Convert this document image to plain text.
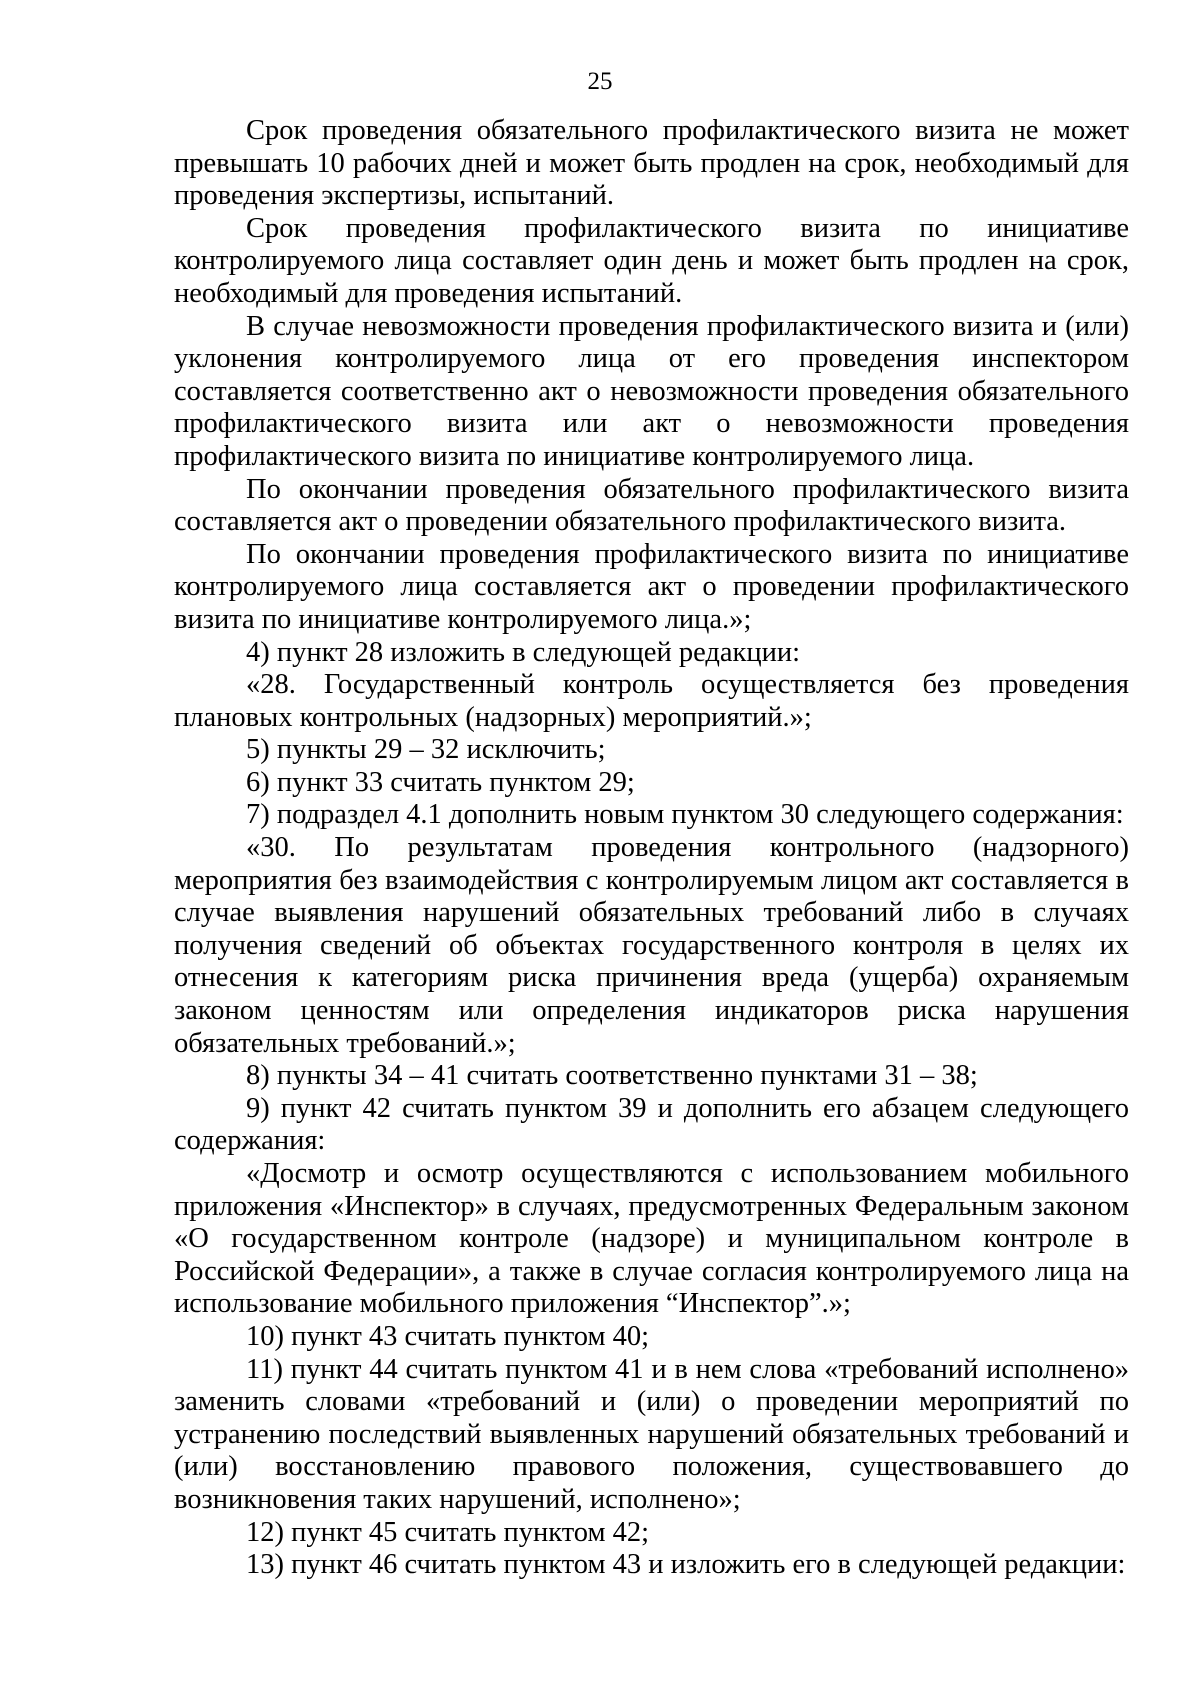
25

Срок проведения обязательного профилактического визита не может превышать 10 рабочих дней и может быть продлен на срок, необходимый для проведения экспертизы, испытаний.

Срок проведения профилактического визита по инициативе контролируемого лица составляет один день и может быть продлен на срок, необходимый для проведения испытаний.

В случае невозможности проведения профилактического визита и (или) уклонения контролируемого лица от его проведения инспектором составляется соответственно акт о невозможности проведения обязательного профилактического визита или акт о невозможности проведения профилактического визита по инициативе контролируемого лица.

По окончании проведения обязательного профилактического визита составляется акт о проведении обязательного профилактического визита.

По окончании проведения профилактического визита по инициативе контролируемого лица составляется акт о проведении профилактического визита по инициативе контролируемого лица.»;

4) пункт 28 изложить в следующей редакции:

«28. Государственный контроль осуществляется без проведения плановых контрольных (надзорных) мероприятий.»;

5) пункты 29 – 32 исключить;

6) пункт 33 считать пунктом 29;

7) подраздел 4.1 дополнить новым пунктом 30 следующего содержания:

«30. По результатам проведения контрольного (надзорного) мероприятия без взаимодействия с контролируемым лицом акт составляется в случае выявления нарушений обязательных требований либо в случаях получения сведений об объектах государственного контроля в целях их отнесения к категориям риска причинения вреда (ущерба) охраняемым законом ценностям или определения индикаторов риска нарушения обязательных требований.»;

8) пункты 34 – 41 считать соответственно пунктами 31 – 38;

9) пункт 42 считать пунктом 39 и дополнить его абзацем следующего содержания:

«Досмотр и осмотр осуществляются с использованием мобильного приложения «Инспектор» в случаях, предусмотренных Федеральным законом «О государственном контроле (надзоре) и муниципальном контроле в Российской Федерации», а также в случае согласия контролируемого лица на использование мобильного приложения “Инспектор”.»;

10) пункт 43 считать пунктом 40;

11) пункт 44 считать пунктом 41 и в нем слова «требований исполнено» заменить словами «требований и (или) о проведении мероприятий по устранению последствий выявленных нарушений обязательных требований и (или) восстановлению правового положения, существовавшего до возникновения таких нарушений, исполнено»;

12) пункт 45 считать пунктом 42;

13) пункт 46 считать пунктом 43 и изложить его в следующей редакции:
